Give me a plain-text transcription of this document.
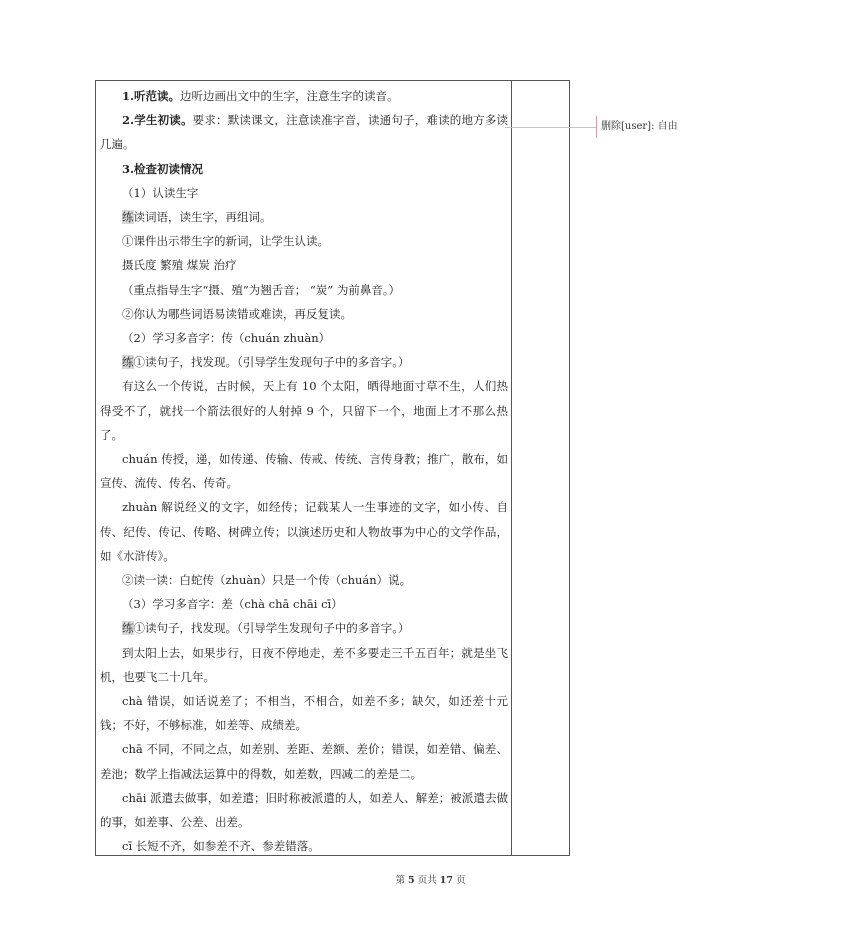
1.听范读。边听边画出文中的生字，注意生字的读音。

2.学生初读。要求：默读课文，注意读准字音，读通句子，难读的地方多读几遍。

3.检查初读情况

（1）认读生字

练读词语，读生字，再组词。

①课件出示带生字的新词，让学生认读。

摄氏度 繁殖 煤炭 治疗

（重点指导生字“摄、殖”为翘舌音； “炭” 为前鼻音。）

②你认为哪些词语易读错或难读，再反复读。

（2）学习多音字：传（chuán zhuàn）

练①读句子，找发现。（引导学生发现句子中的多音字。）

有这么一个传说，古时候，天上有 10 个太阳，晒得地面寸草不生，人们热得受不了，就找一个箭法很好的人射掉 9 个，只留下一个，地面上才不那么热了。

chuán 传授，递，如传递、传输、传戒、传统、言传身教；推广，散布，如宣传、流传、传名、传奇。

zhuàn 解说经义的文字，如经传；记载某人一生事迹的文字，如小传、自传、纪传、传记、传略、树碑立传；以演述历史和人物故事为中心的文学作品，如《水浒传》。

②读一读：白蛇传（zhuàn）只是一个传（chuán）说。

（3）学习多音字：差（chà chā chāi cī）

练①读句子，找发现。（引导学生发现句子中的多音字。）

到太阳上去，如果步行，日夜不停地走，差不多要走三千五百年；就是坐飞机，也要飞二十几年。

chà 错误，如话说差了；不相当，不相合，如差不多；缺欠，如还差十元钱；不好，不够标准，如差等、成绩差。

chā 不同，不同之点，如差别、差距、差额、差价；错误，如差错、偏差、差池；数学上指减法运算中的得数，如差数，四减二的差是二。

chāi 派遣去做事，如差遣；旧时称被派遣的人，如差人、解差；被派遣去做的事，如差事、公差、出差。

cī 长短不齐，如参差不齐、参差错落。

删除[user]: 自由
第 5 页共 17 页
